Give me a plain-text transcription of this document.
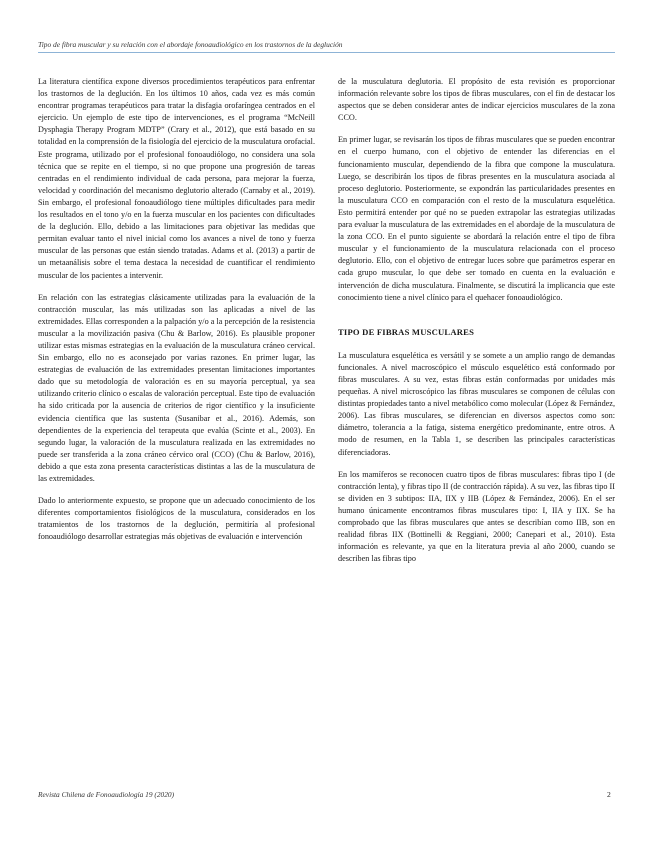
Tipo de fibra muscular y su relación con el abordaje fonoaudiológico en los trastornos de la deglución

La literatura científica expone diversos procedimientos terapéuticos para enfrentar los trastornos de la deglución. En los últimos 10 años, cada vez es más común encontrar programas terapéuticos para tratar la disfagia orofaríngea centrados en el ejercicio. Un ejemplo de este tipo de intervenciones, es el programa “McNeill Dysphagia Therapy Program MDTP” (Crary et al., 2012), que está basado en su totalidad en la comprensión de la fisiología del ejercicio de la musculatura orofacial. Este programa, utilizado por el profesional fonoaudiólogo, no considera una sola técnica que se repite en el tiempo, si no que propone una progresión de tareas centradas en el rendimiento individual de cada persona, para mejorar la fuerza, velocidad y coordinación del mecanismo deglutorio alterado (Carnaby et al., 2019). Sin embargo, el profesional fonoaudiólogo tiene múltiples dificultades para medir los resultados en el tono y/o en la fuerza muscular en los pacientes con dificultades de la deglución. Ello, debido a las limitaciones para objetivar las medidas que permitan evaluar tanto el nivel inicial como los avances a nivel de tono y fuerza muscular de las personas que están siendo tratadas. Adams et al. (2013) a partir de un metaanálisis sobre el tema destaca la necesidad de cuantificar el rendimiento muscular de los pacientes a intervenir.

En relación con las estrategias clásicamente utilizadas para la evaluación de la contracción muscular, las más utilizadas son las aplicadas a nivel de las extremidades. Ellas corresponden a la palpación y/o a la percepción de la resistencia muscular a la movilización pasiva (Chu & Barlow, 2016). Es plausible proponer utilizar estas mismas estrategias en la evaluación de la musculatura cráneo cervical. Sin embargo, ello no es aconsejado por varias razones. En primer lugar, las estrategias de evaluación de las extremidades presentan limitaciones importantes dado que su metodología de valoración es en su mayoría perceptual, ya sea utilizando criterio clínico o escalas de valoración perceptual. Este tipo de evaluación ha sido criticada por la ausencia de criterios de rigor científico y la insuficiente evidencia científica que las sustenta (Susanibar et al., 2016). Además, son dependientes de la experiencia del terapeuta que evalúa (Scinte et al., 2003). En segundo lugar, la valoración de la musculatura realizada en las extremidades no puede ser transferida a la zona cráneo cérvico oral (CCO) (Chu & Barlow, 2016), debido a que esta zona presenta características distintas a las de la musculatura de las extremidades.

Dado lo anteriormente expuesto, se propone que un adecuado conocimiento de los diferentes comportamientos fisiológicos de la musculatura, considerados en los tratamientos de los trastornos de la deglución, permitiría al profesional fonoaudiólogo desarrollar estrategias más objetivas de evaluación e intervención

de la musculatura deglutoria. El propósito de esta revisión es proporcionar información relevante sobre los tipos de fibras musculares, con el fin de destacar los aspectos que se deben considerar antes de indicar ejercicios musculares de la zona CCO.

En primer lugar, se revisarán los tipos de fibras musculares que se pueden encontrar en el cuerpo humano, con el objetivo de entender las diferencias en el funcionamiento muscular, dependiendo de la fibra que compone la musculatura. Luego, se describirán los tipos de fibras presentes en la musculatura asociada al proceso deglutorio. Posteriormente, se expondrán las particularidades presentes en la musculatura CCO en comparación con el resto de la musculatura esquelética. Esto permitirá entender por qué no se pueden extrapolar las estrategias utilizadas para evaluar la musculatura de las extremidades en el abordaje de la musculatura de la zona CCO. En el punto siguiente se abordará la relación entre el tipo de fibra muscular y el funcionamiento de la musculatura relacionada con el proceso deglutorio. Ello, con el objetivo de entregar luces sobre que parámetros esperar en cada grupo muscular, lo que debe ser tomado en cuenta en la evaluación e intervención de dicha musculatura. Finalmente, se discutirá la implicancia que este conocimiento tiene a nivel clínico para el quehacer fonoaudiológico.

TIPO DE FIBRAS MUSCULARES

La musculatura esquelética es versátil y se somete a un amplio rango de demandas funcionales. A nivel macroscópico el músculo esquelético está conformado por fibras musculares. A su vez, estas fibras están conformadas por unidades más pequeñas. A nivel microscópico las fibras musculares se componen de células con distintas propiedades tanto a nivel metabólico como molecular (López & Fernández, 2006). Las fibras musculares, se diferencian en diversos aspectos como son: diámetro, tolerancia a la fatiga, sistema energético predominante, entre otros. A modo de resumen, en la Tabla 1, se describen las principales características diferenciadoras.

En los mamíferos se reconocen cuatro tipos de fibras musculares: fibras tipo I (de contracción lenta), y fibras tipo II (de contracción rápida). A su vez, las fibras tipo II se dividen en 3 subtipos: IIA, IIX y IIB (López & Fernández, 2006). En el ser humano únicamente encontramos fibras musculares tipo: I, IIA y IIX. Se ha comprobado que las fibras musculares que antes se describían como IIB, son en realidad fibras IIX (Bottinelli & Reggiani, 2000; Canepari et al., 2010). Esta información es relevante, ya que en la literatura previa al año 2000, cuando se describen las fibras tipo

Revista Chilena de Fonoaudiología 19 (2020)	2
